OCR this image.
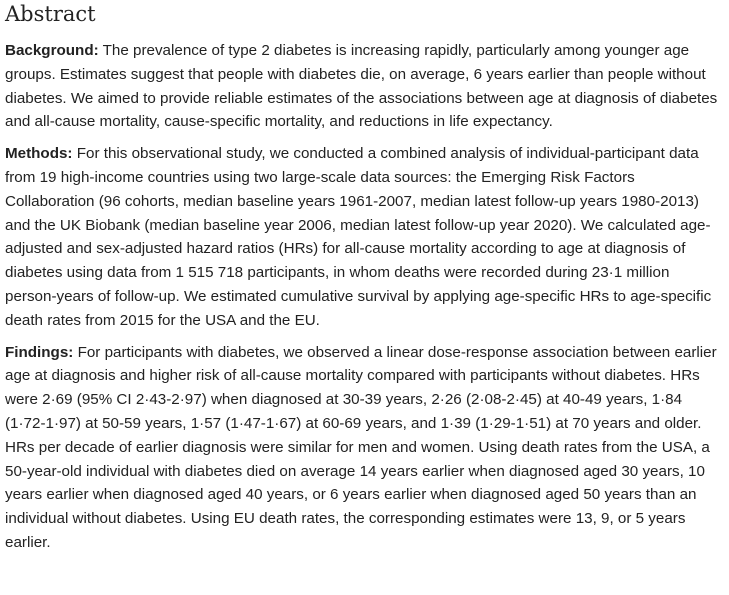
Abstract

Background: The prevalence of type 2 diabetes is increasing rapidly, particularly among younger age groups. Estimates suggest that people with diabetes die, on average, 6 years earlier than people without diabetes. We aimed to provide reliable estimates of the associations between age at diagnosis of diabetes and all-cause mortality, cause-specific mortality, and reductions in life expectancy.

Methods: For this observational study, we conducted a combined analysis of individual-participant data from 19 high-income countries using two large-scale data sources: the Emerging Risk Factors Collaboration (96 cohorts, median baseline years 1961-2007, median latest follow-up years 1980-2013) and the UK Biobank (median baseline year 2006, median latest follow-up year 2020). We calculated age-adjusted and sex-adjusted hazard ratios (HRs) for all-cause mortality according to age at diagnosis of diabetes using data from 1 515 718 participants, in whom deaths were recorded during 23·1 million person-years of follow-up. We estimated cumulative survival by applying age-specific HRs to age-specific death rates from 2015 for the USA and the EU.

Findings: For participants with diabetes, we observed a linear dose-response association between earlier age at diagnosis and higher risk of all-cause mortality compared with participants without diabetes. HRs were 2·69 (95% CI 2·43-2·97) when diagnosed at 30-39 years, 2·26 (2·08-2·45) at 40-49 years, 1·84 (1·72-1·97) at 50-59 years, 1·57 (1·47-1·67) at 60-69 years, and 1·39 (1·29-1·51) at 70 years and older. HRs per decade of earlier diagnosis were similar for men and women. Using death rates from the USA, a 50-year-old individual with diabetes died on average 14 years earlier when diagnosed aged 30 years, 10 years earlier when diagnosed aged 40 years, or 6 years earlier when diagnosed aged 50 years than an individual without diabetes. Using EU death rates, the corresponding estimates were 13, 9, or 5 years earlier.
